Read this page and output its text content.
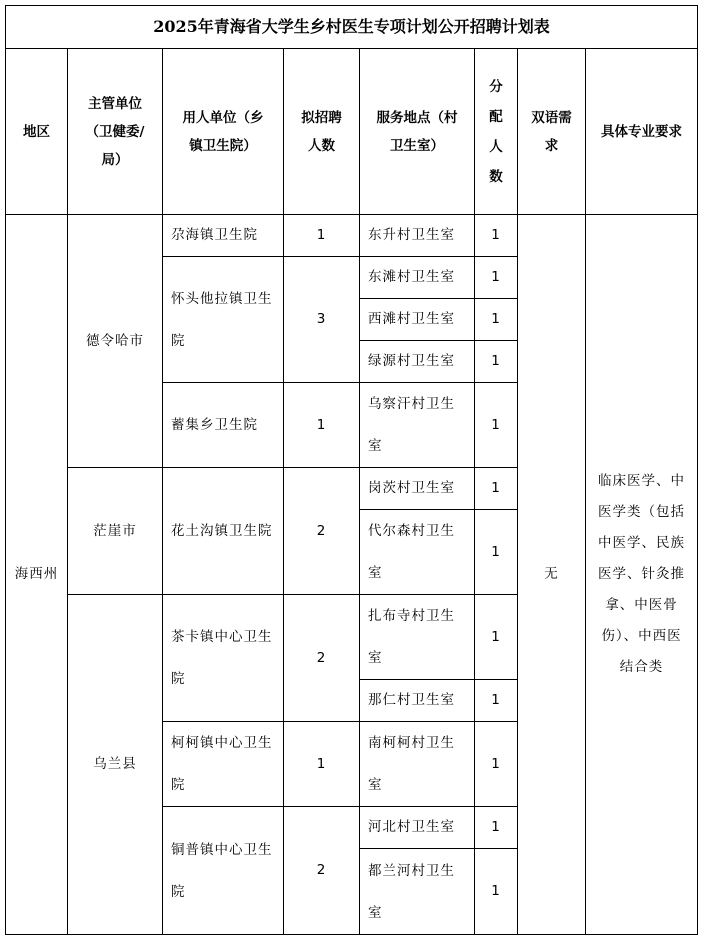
2025年青海省大学生乡村医生专项计划公开招聘计划表							

地区	主管单位（卫健委/局）	用人单位（乡镇卫生院）	拟招聘人数	服务地点（村卫生室）	分配人数	双语需求	具体专业要求

海西州	德令哈市	尕海镇卫生院	1	东升村卫生室	1	无	临床医学、中医学类（包括中医学、民族医学、针灸推拿、中医骨伤）、中西医结合类

		怀头他拉镇卫生院	3	东滩村卫生室	1		

				西滩村卫生室	1		

				绿源村卫生室	1		

		蓄集乡卫生院	1	乌察汗村卫生室	1		

	茫崖市	花土沟镇卫生院	2	岗茨村卫生室	1		

				代尔森村卫生室	1		

	乌兰县	茶卡镇中心卫生院	2	扎布寺村卫生室	1		

				那仁村卫生室	1		

		柯柯镇中心卫生院	1	南柯柯村卫生室	1		

		铜普镇中心卫生院	2	河北村卫生室	1		

				都兰河村卫生室	1		
